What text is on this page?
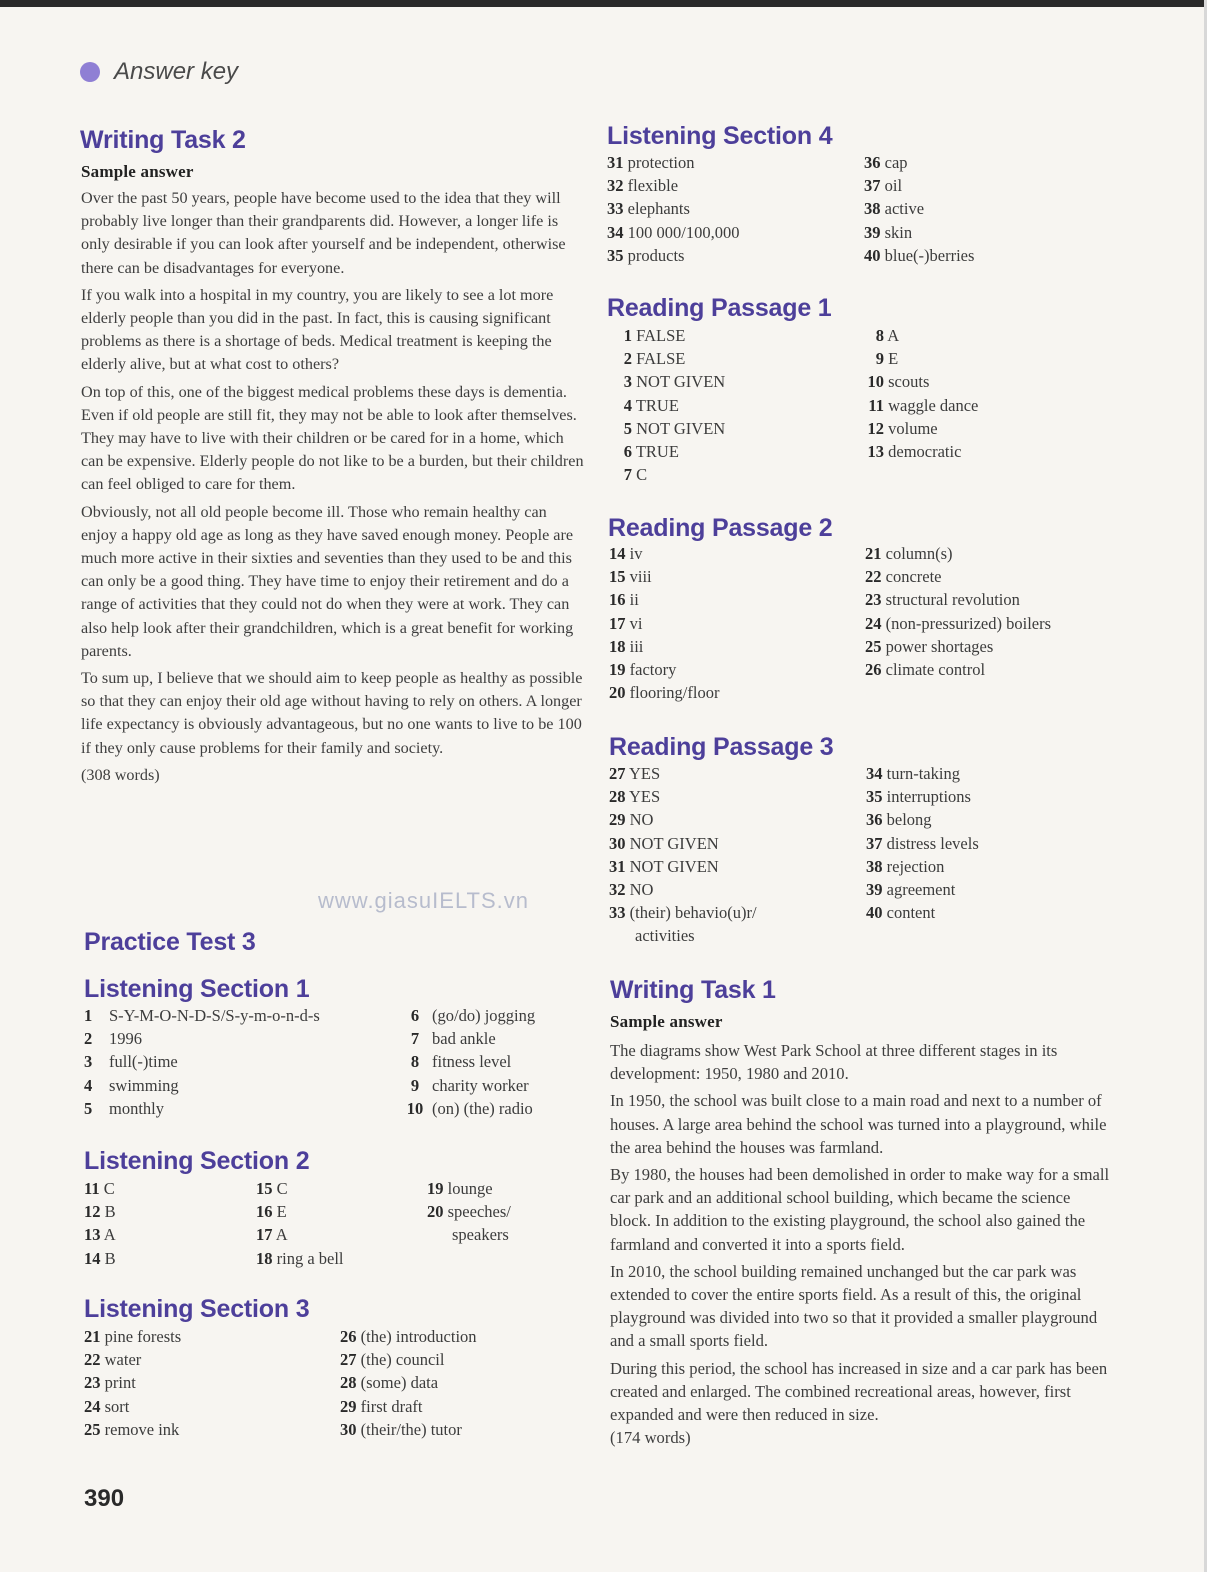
Answer key
Writing Task 2
Sample answer

Over the past 50 years, people have become used to the idea that they will probably live longer than their grandparents did. However, a longer life is only desirable if you can look after yourself and be independent, otherwise there can be disadvantages for everyone.

If you walk into a hospital in my country, you are likely to see a lot more elderly people than you did in the past. In fact, this is causing significant problems as there is a shortage of beds. Medical treatment is keeping the elderly alive, but at what cost to others?

On top of this, one of the biggest medical problems these days is dementia. Even if old people are still fit, they may not be able to look after themselves. They may have to live with their children or be cared for in a home, which can be expensive. Elderly people do not like to be a burden, but their children can feel obliged to care for them.

Obviously, not all old people become ill. Those who remain healthy can enjoy a happy old age as long as they have saved enough money. People are much more active in their sixties and seventies than they used to be and this can only be a good thing. They have time to enjoy their retirement and do a range of activities that they could not do when they were at work. They can also help look after their grandchildren, which is a great benefit for working parents.

To sum up, I believe that we should aim to keep people as healthy as possible so that they can enjoy their old age without having to rely on others. A longer life expectancy is obviously advantageous, but no one wants to live to be 100 if they only cause problems for their family and society.

(308 words)

www.giasuIELTS.vn
Practice Test 3
Listening Section 1
1 S-Y-M-O-N-D-S/S-y-m-o-n-d-s
2 1996
3 full(-)time
4 swimming
5 monthly
6 (go/do) jogging
7 bad ankle
8 fitness level
9 charity worker
10 (on) (the) radio
Listening Section 2
11 C
12 B
13 A
14 B
15 C
16 E
17 A
18 ring a bell
19 lounge
20 speeches/
speakers
Listening Section 3
21 pine forests
22 water
23 print
24 sort
25 remove ink
26 (the) introduction
27 (the) council
28 (some) data
29 first draft
30 (their/the) tutor
390
Listening Section 4
31 protection
32 flexible
33 elephants
34 100 000/100,000
35 products
36 cap
37 oil
38 active
39 skin
40 blue(-)berries
Reading Passage 1
1 FALSE
2 FALSE
3 NOT GIVEN
4 TRUE
5 NOT GIVEN
6 TRUE
7 C
8 A
9 E
10 scouts
11 waggle dance
12 volume
13 democratic
Reading Passage 2
14 iv
15 viii
16 ii
17 vi
18 iii
19 factory
20 flooring/floor
21 column(s)
22 concrete
23 structural revolution
24 (non-pressurized) boilers
25 power shortages
26 climate control
Reading Passage 3
27 YES
28 YES
29 NO
30 NOT GIVEN
31 NOT GIVEN
32 NO
33 (their) behavio(u)r/
activities
34 turn-taking
35 interruptions
36 belong
37 distress levels
38 rejection
39 agreement
40 content
Writing Task 1
Sample answer

The diagrams show West Park School at three different stages in its development: 1950, 1980 and 2010.

In 1950, the school was built close to a main road and next to a number of houses. A large area behind the school was turned into a playground, while the area behind the houses was farmland.

By 1980, the houses had been demolished in order to make way for a small car park and an additional school building, which became the science block. In addition to the existing playground, the school also gained the farmland and converted it into a sports field.

In 2010, the school building remained unchanged but the car park was extended to cover the entire sports field. As a result of this, the original playground was divided into two so that it provided a smaller playground and a small sports field.

During this period, the school has increased in size and a car park has been created and enlarged. The combined recreational areas, however, first expanded and were then reduced in size.

(174 words)
